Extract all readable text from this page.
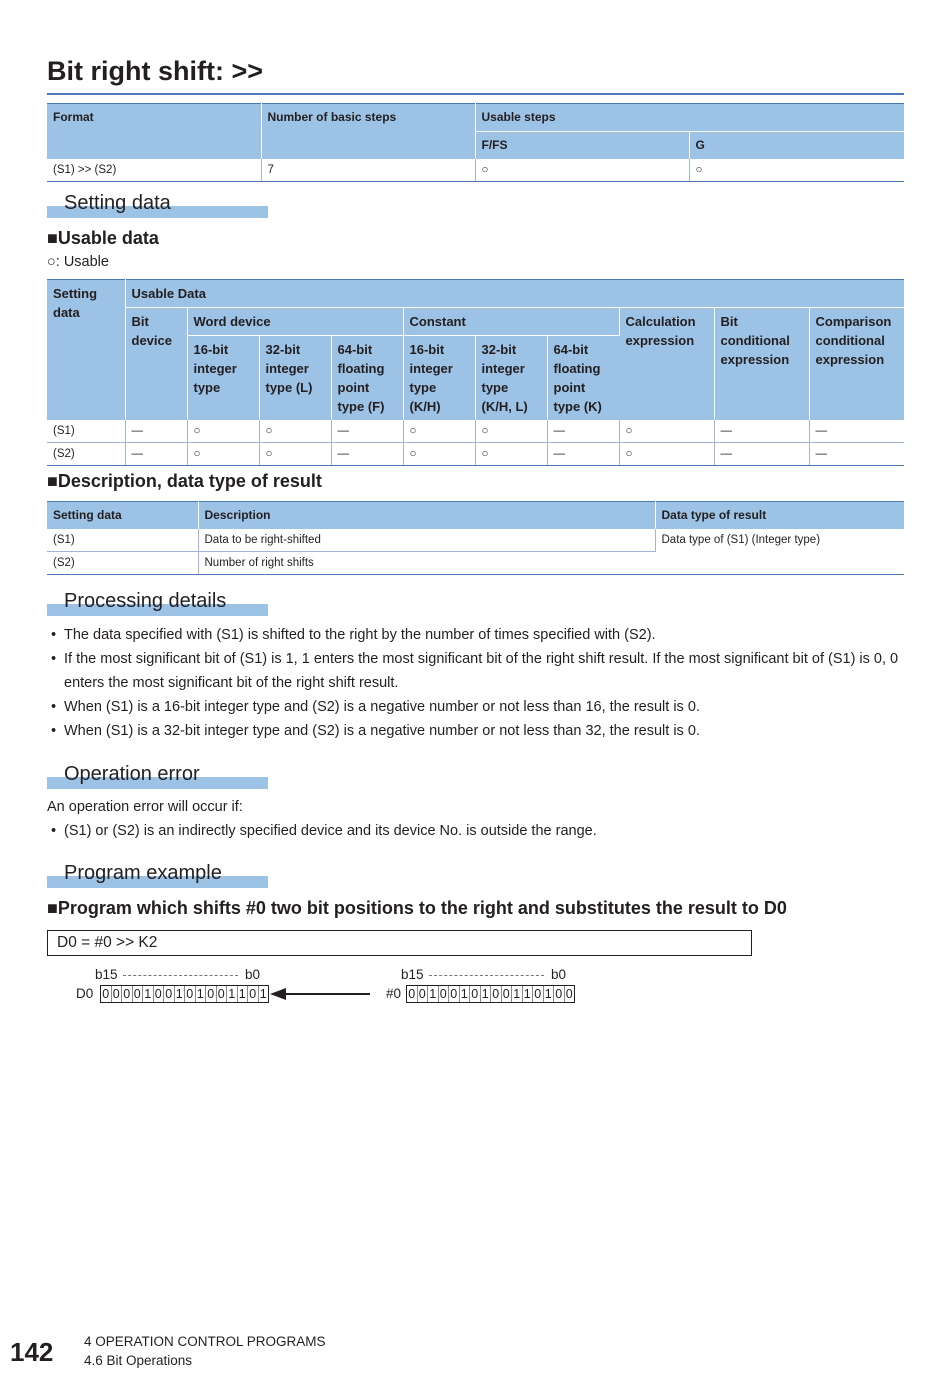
Bit right shift: >>
Format	Number of basic steps	Usable steps	
		F/FS	G
(S1) >> (S2)	7	○	○
Setting data
■Usable data
○: Usable
Setting data	Usable Data									
	Bit device	Word device			Constant			Calculation expression	Bit conditional expression	Comparison conditional expression
		16-bit integer type	32-bit integer type (L)	64-bit floating point type (F)	16-bit integer type (K/H)	32-bit integer type (K/H, L)	64-bit floating point type (K)			
(S1)	—	○	○	—	○	○	—	○	—	—
(S2)	—	○	○	—	○	○	—	○	—	—
■Description, data type of result
Setting data	Description	Data type of result
(S1)	Data to be right-shifted	Data type of (S1) (Integer type)
(S2)	Number of right shifts	
Processing details
• The data specified with (S1) is shifted to the right by the number of times specified with (S2).
• If the most significant bit of (S1) is 1, 1 enters the most significant bit of the right shift result. If the most significant bit of (S1) is 0, 0 enters the most significant bit of the right shift result.
• When (S1) is a 16-bit integer type and (S2) is a negative number or not less than 16, the result is 0.
• When (S1) is a 32-bit integer type and (S2) is a negative number or not less than 32, the result is 0.
Operation error
An operation error will occur if:
• (S1) or (S2) is an indirectly specified device and its device No. is outside the range.
Program example
■Program which shifts #0 two bit positions to the right and substitutes the result to D0
D0 = #0 >> K2
b15	b0
D0 0 0 0 0 1 0 0 1 0 1 0 0 1 1 0 1
b15	b0
#0 0 0 1 0 0 1 0 1 0 0 1 1 0 1 0 0
142 4 OPERATION CONTROL PROGRAMS
4.6 Bit Operations
